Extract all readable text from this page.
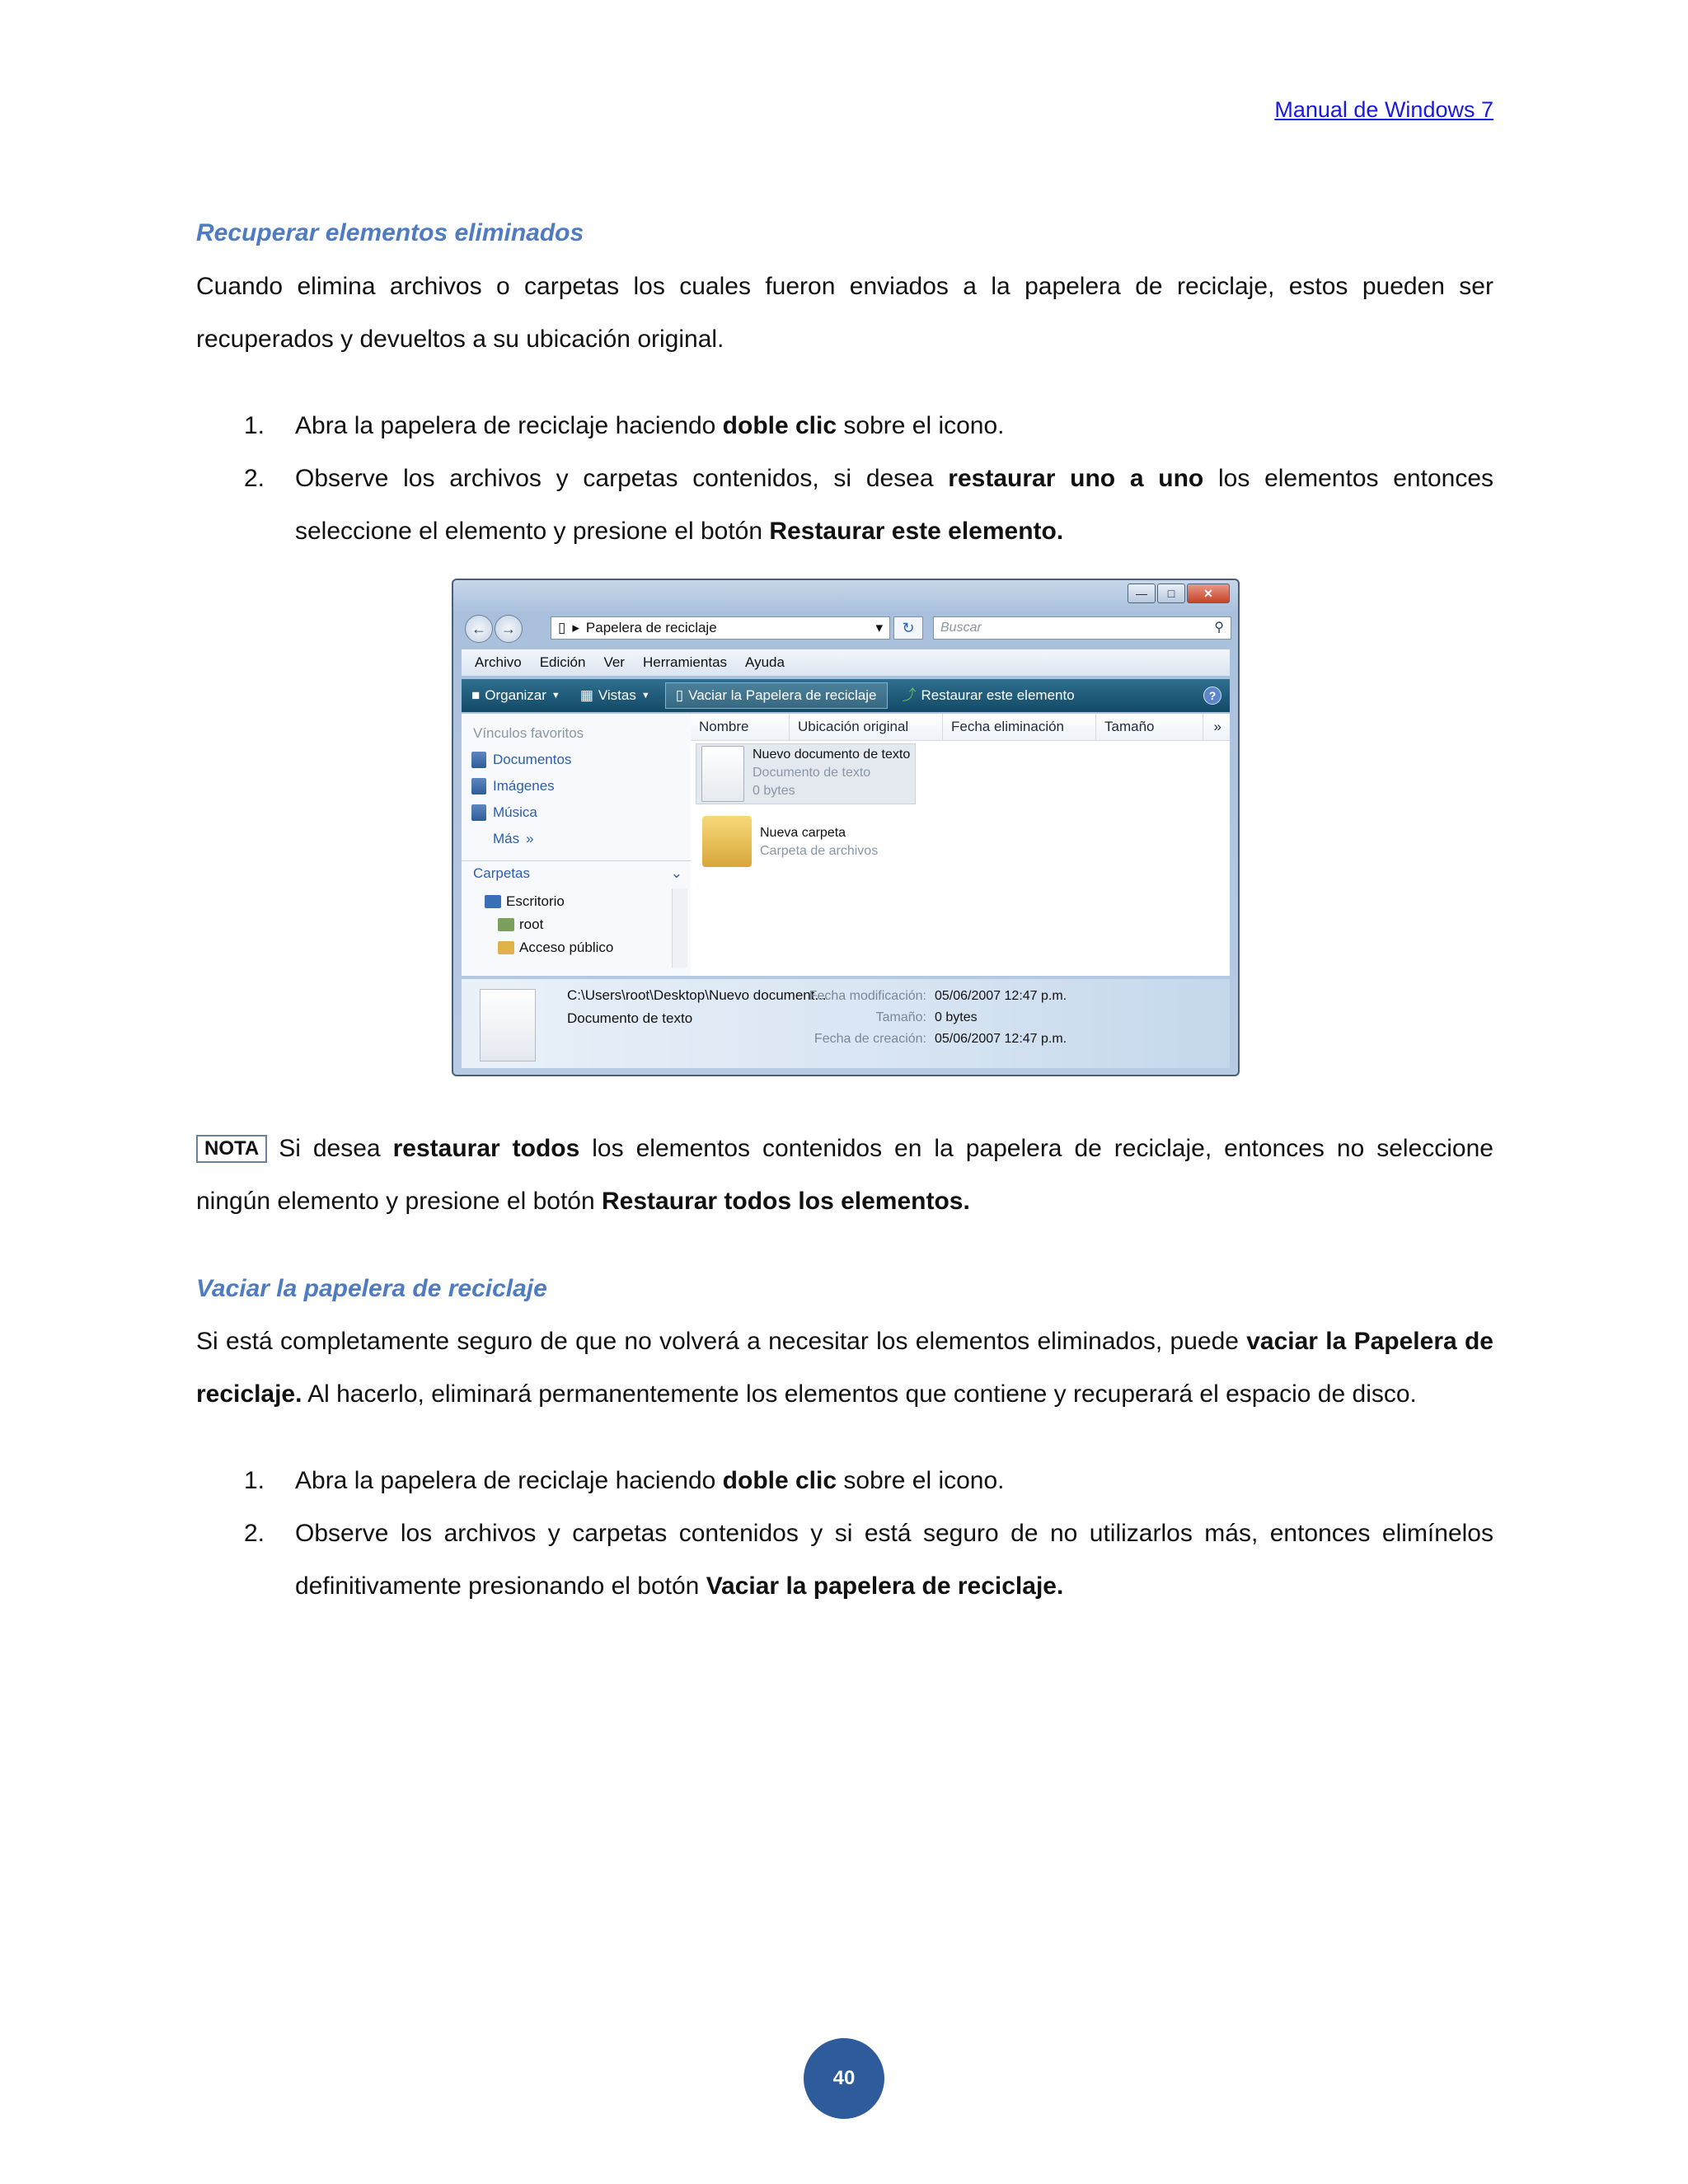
Manual de Windows 7
Recuperar elementos eliminados
Cuando elimina archivos o carpetas los cuales fueron enviados a la papelera de reciclaje, estos pueden ser recuperados y devueltos a su ubicación original.
1. Abra la papelera de reciclaje haciendo doble clic sobre el icono.
2. Observe los archivos y carpetas contenidos, si desea restaurar uno a uno los elementos entonces seleccione el elemento y presione el botón Restaurar este elemento.
—	□	✕
←	→	▯ ▸ Papelera de reciclaje	▾	↻	Buscar	⚲
Archivo Edición Ver Herramientas Ayuda
■ Organizar ▼ ▦ Vistas ▼ ▯ Vaciar la Papelera de reciclaje ⤴ Restaurar este elemento	?
Vínculos favoritos
Documentos
Imágenes
Música
Más »
Carpetas	⌄
Escritorio
root
Acceso público
Nombre	Ubicación original	Fecha eliminación	Tamaño	»
Nuevo documento de texto
Documento de texto
0 bytes
Nueva carpeta
Carpeta de archivos
C:\Users\root\Desktop\Nuevo document...
Documento de texto
Fecha modificación: 05/06/2007 12:47 p.m.
Tamaño: 0 bytes
Fecha de creación: 05/06/2007 12:47 p.m.
NOTA Si desea restaurar todos los elementos contenidos en la papelera de reciclaje, entonces no seleccione ningún elemento y presione el botón Restaurar todos los elementos.
Vaciar la papelera de reciclaje
Si está completamente seguro de que no volverá a necesitar los elementos eliminados, puede vaciar la Papelera de reciclaje. Al hacerlo, eliminará permanentemente los elementos que contiene y recuperará el espacio de disco.
1. Abra la papelera de reciclaje haciendo doble clic sobre el icono.
2. Observe los archivos y carpetas contenidos y si está seguro de no utilizarlos más, entonces elimínelos definitivamente presionando el botón Vaciar la papelera de reciclaje.
40
